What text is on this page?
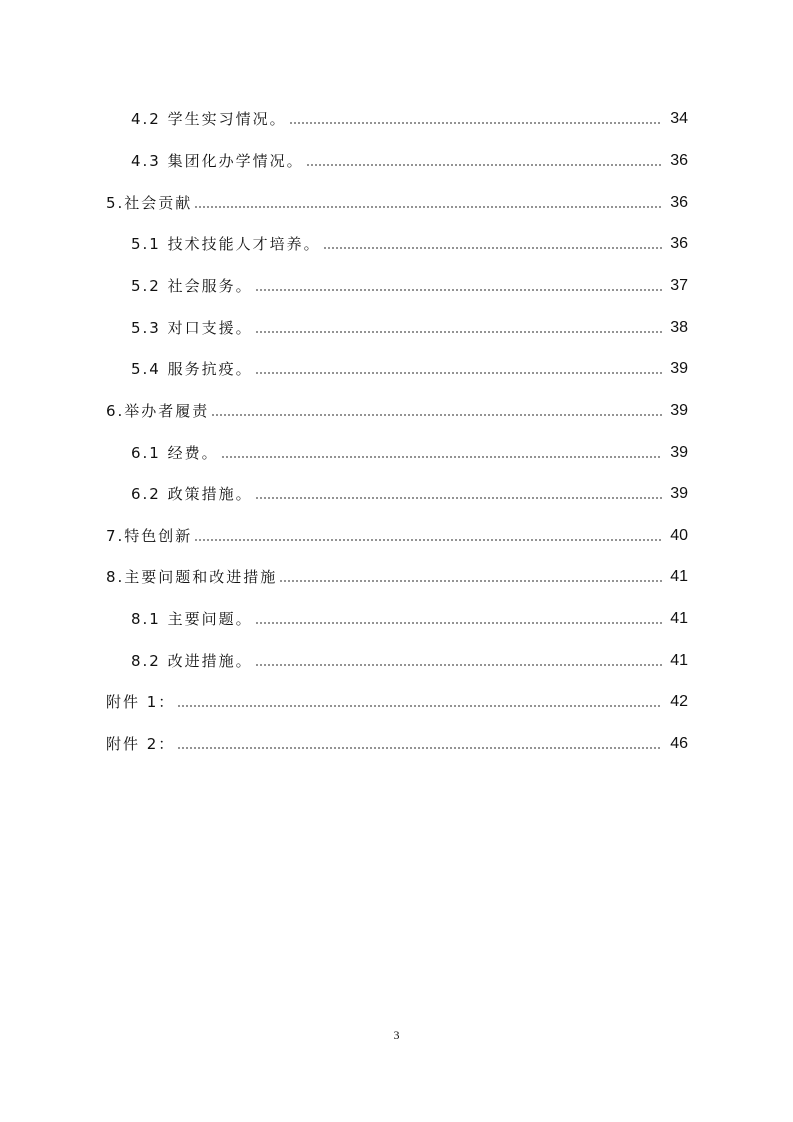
4.2 学生实习情况。	34
4.3 集团化办学情况。	36
5.社会贡献	36
5.1 技术技能人才培养。	36
5.2 社会服务。	37
5.3 对口支援。	38
5.4 服务抗疫。	39
6.举办者履责	39
6.1 经费。	39
6.2 政策措施。	39
7.特色创新	40
8.主要问题和改进措施	41
8.1 主要问题。	41
8.2 改进措施。	41
附件 1：	42
附件 2：	46
3
